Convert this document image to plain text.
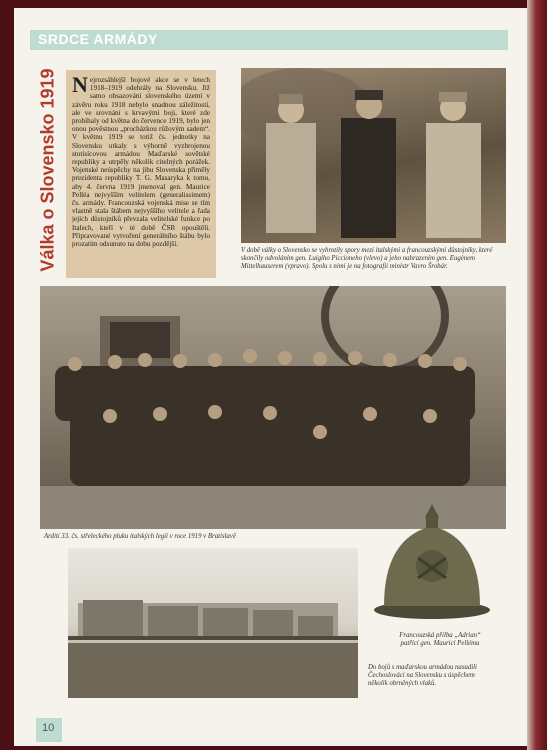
SRDCE ARMÁDY
Válka o Slovensko 1919 Nejrozsáhlejší bojové akce se v letech 1918–1919 odehrály na Slovensku. Již samo obsazování slovenského území v závěru roku 1918 nebylo snadnou záležitostí, ale ve srovnání s krvavými boji, které zde probíhaly od května do července 1919, bylo jen onou pověstnou „procházkou růžovým sadem“. V květnu 1919 se totiž čs. jednotky na Slovensku utkaly s výborně vyzbrojenou stotisícovou armádou Maďarské sovětské republiky a utrpěly několik citelných porážek. Vojenské neúspěchy na jihu Slovenska přiměly prezidenta republiky T. G. Masaryka k tomu, aby 4. června 1919 jmenoval gen. Maurice Pelléa nejvyšším velitelem (generalissimem) čs. armády. Francouzská vojenská mise se tím vlastně stala štábem nejvyššího velitele a řada jejích důstojníků převzala velitelské funkce po Italech, kteří v té době ČSR opouštěli. Připravované vytvoření generálního štábu bylo prozatím odsunuto na dobu pozdější.
V době války o Slovensko se vyhrotily spory mezi italskými a francouzskými důstojníky, které skončily odvoláním gen. Luigiho Piccioneho (vlevo) a jeho nahrazením gen. Eugènem Mittelhauserem (vpravo). Spolu s nimi je na fotografii ministr Vavro Šrobár.
Arditi 33. čs. střeleckého pluku italských legií v roce 1919 v Bratislavě
Francouzská přilba „Adrian“ patřící gen. Mauricí Pellému
Do bojů s maďarskou armádou nasadili Čechoslováci na Slovensku s úspěchem několik obrněných vlaků.
10
